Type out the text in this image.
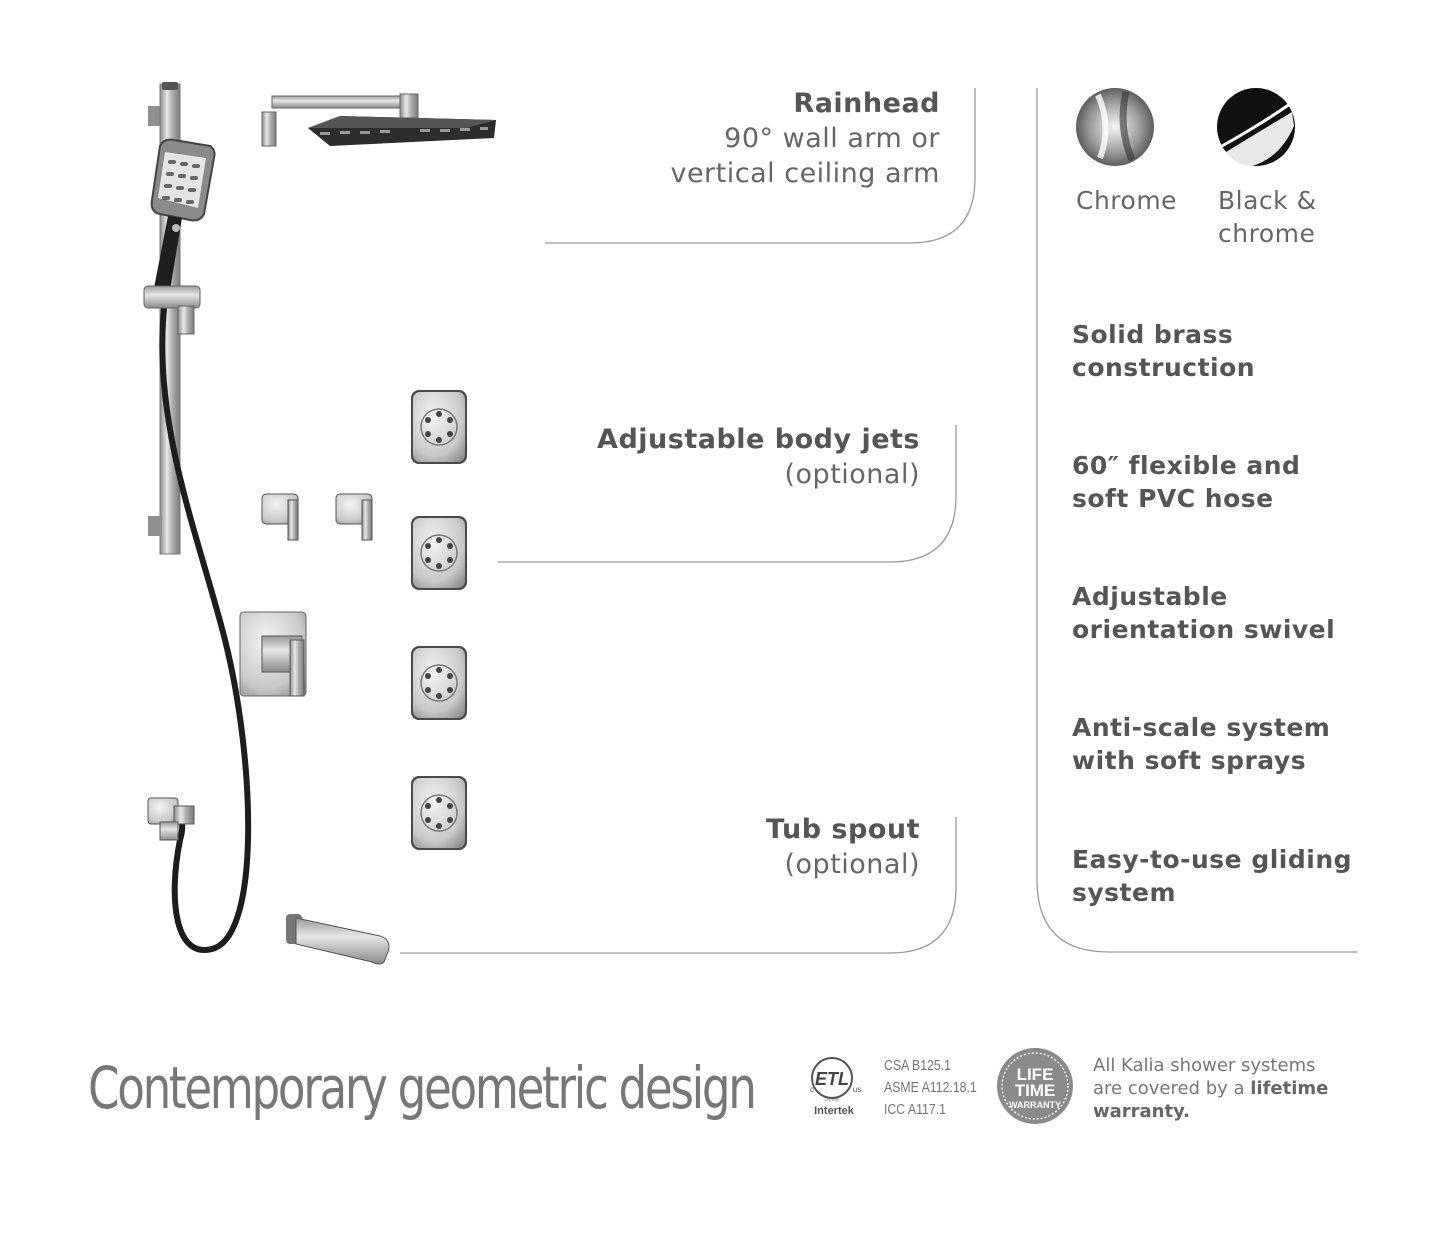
ETL
c	us
LISTED
Intertek
LIFE
TIME
WARRANTY
Rainhead
90° wall arm or
vertical ceiling arm
Adjustable body jets
(optional)
Tub spout
(optional)
Chrome Black &
chrome
Solid brass
construction
60″ flexible and
soft PVC hose
Adjustable
orientation swivel
Anti-scale system
with soft sprays
Easy-to-use gliding
system
Contemporary geometric design	CSA B125.1
ASME A112.18.1
ICC A117.1
All Kalia shower systems
are covered by a lifetime
warranty.
